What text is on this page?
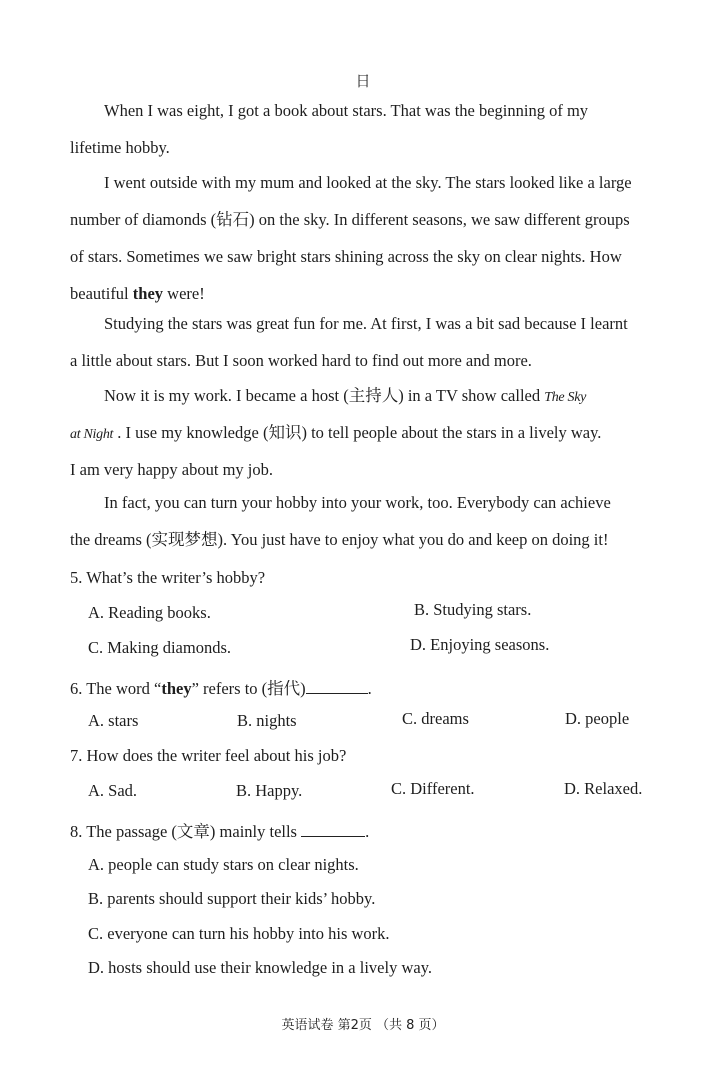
日
When I was eight, I got a book about stars. That was the beginning of my
lifetime hobby.
I went outside with my mum and looked at the sky. The stars looked like a large
number of diamonds (钻石) on the sky. In different seasons, we saw different groups
of stars. Sometimes we saw bright stars shining across the sky on clear nights. How
beautiful they were!
Studying the stars was great fun for me. At first, I was a bit sad because I learnt
a little about stars. But I soon worked hard to find out more and more.
Now it is my work. I became a host (主持人) in a TV show called The Sky
at Night . I use my knowledge (知识) to tell people about the stars in a lively way.
I am very happy about my job.
In fact, you can turn your hobby into your work, too. Everybody can achieve
the dreams (实现梦想). You just have to enjoy what you do and keep on doing it!
5. What’s the writer’s hobby?
A. Reading books.	B. Studying stars.
C. Making diamonds.	D. Enjoying seasons.
6. The word “they” refers to (指代)	.
A. stars	B. nights	C. dreams	D. people
7. How does the writer feel about his job?
A. Sad.	B. Happy.	C. Different.	D. Relaxed.
8. The passage (文章) mainly tells	.
A. people can study stars on clear nights.
B. parents should support their kids’ hobby.
C. everyone can turn his hobby into his work.
D. hosts should use their knowledge in a lively way.
英语试卷 第2页 （共 8 页）
